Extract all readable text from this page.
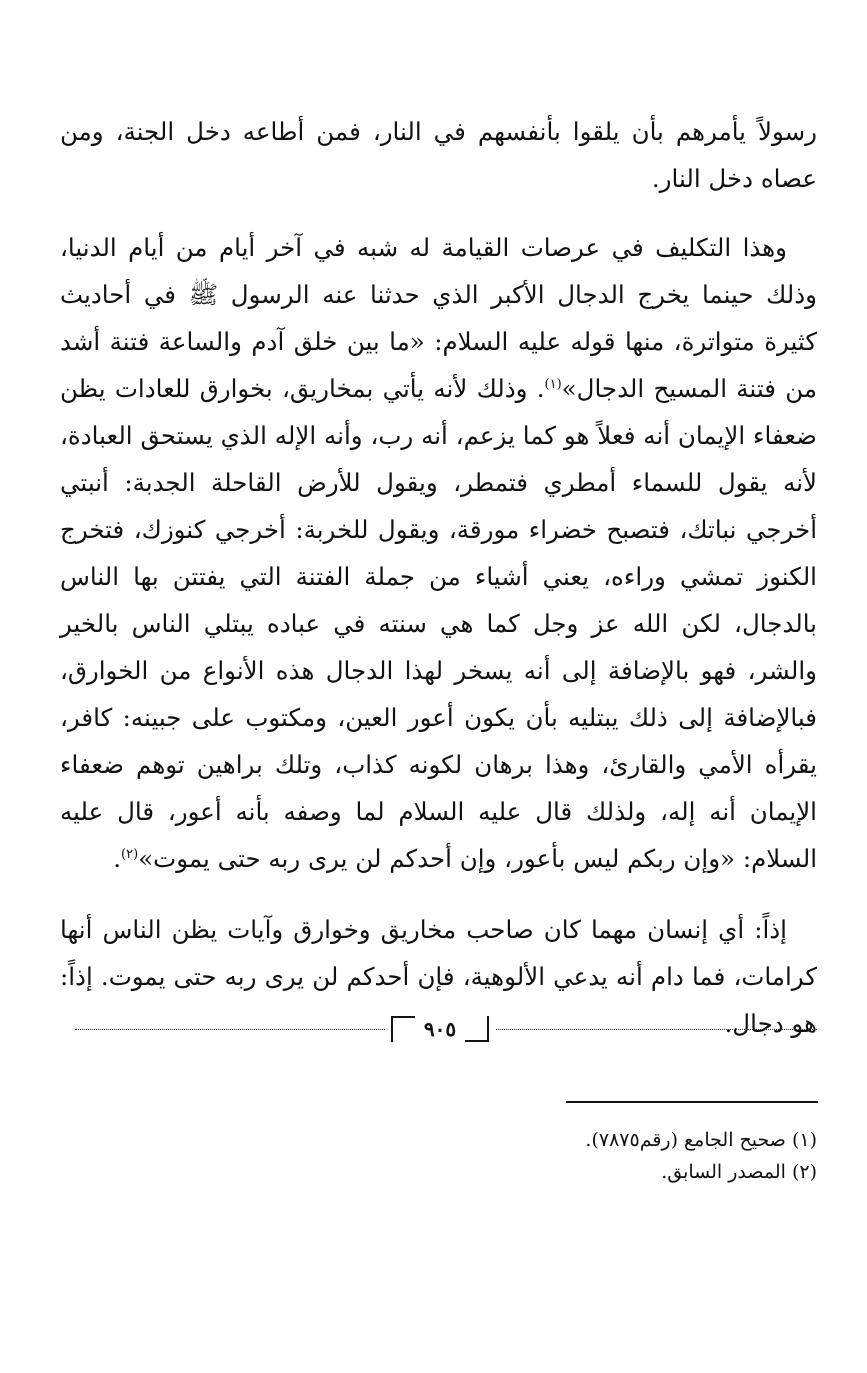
رسولاً يأمرهم بأن يلقوا بأنفسهم في النار، فمن أطاعه دخل الجنة، ومن عصاه دخل النار.

وهذا التكليف في عرصات القيامة له شبه في آخر أيام من أيام الدنيا، وذلك حينما يخرج الدجال الأكبر الذي حدثنا عنه الرسول ﷺ في أحاديث كثيرة متواترة، منها قوله عليه السلام: «ما بين خلق آدم والساعة فتنة أشد من فتنة المسيح الدجال»$^{(١)}$. وذلك لأنه يأتي بمخاريق، بخوارق للعادات يظن ضعفاء الإيمان أنه فعلاً هو كما يزعم، أنه رب، وأنه الإله الذي يستحق العبادة، لأنه يقول للسماء أمطري فتمطر، ويقول للأرض القاحلة الجدبة: أنبتي أخرجي نباتك، فتصبح خضراء مورقة، ويقول للخربة: أخرجي كنوزك، فتخرج الكنوز تمشي وراءه، يعني أشياء من جملة الفتنة التي يفتتن بها الناس بالدجال، لكن الله عز وجل كما هي سنته في عباده يبتلي الناس بالخير والشر، فهو بالإضافة إلى أنه يسخر لهذا الدجال هذه الأنواع من الخوارق، فبالإضافة إلى ذلك يبتليه بأن يكون أعور العين، ومكتوب على جبينه: كافر، يقرأه الأمي والقارئ، وهذا برهان لكونه كذاب، وتلك براهين توهم ضعفاء الإيمان أنه إله، ولذلك قال عليه السلام لما وصفه بأنه أعور، قال عليه السلام: «وإن ربكم ليس بأعور، وإن أحدكم لن يرى ربه حتى يموت»$^{(٢)}$.

إذاً: أي إنسان مهما كان صاحب مخاريق وخوارق وآيات يظن الناس أنها كرامات، فما دام أنه يدعي الألوهية، فإن أحدكم لن يرى ربه حتى يموت. إذاً: هو دجال.

(١) صحيح الجامع (رقم٧٨٧٥).
(٢) المصدر السابق.
٩٠٥
